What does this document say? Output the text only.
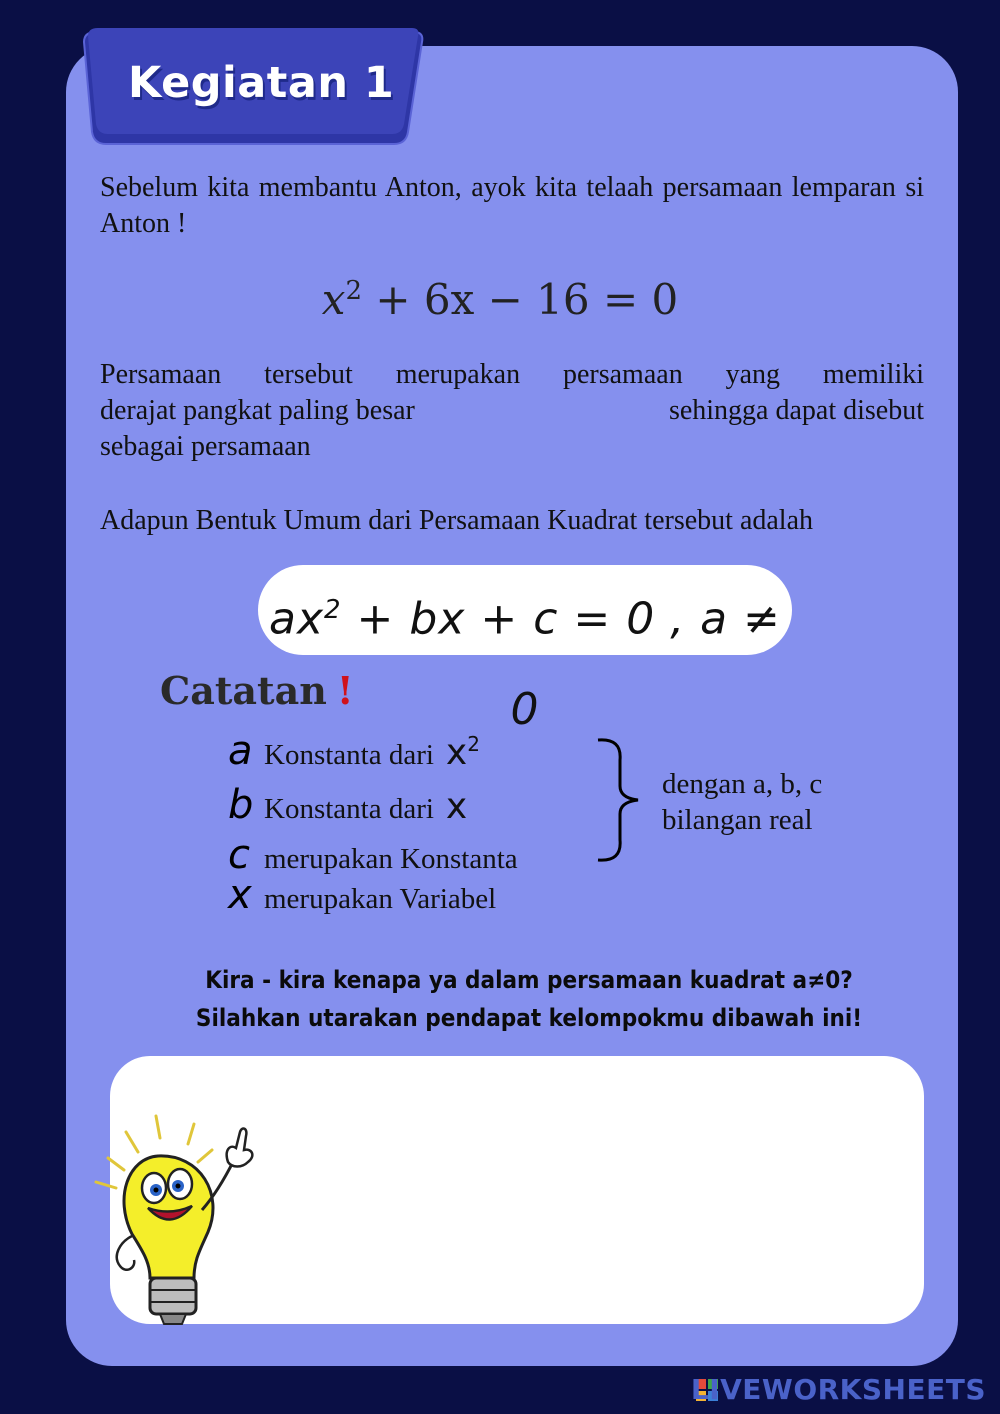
Kegiatan 1
Sebelum kita membantu Anton, ayok kita telaah persamaan lemparan si Anton !
$x^2 + 6x - 16 = 0$
Persamaan tersebut merupakan persamaan yang memiliki
derajat pangkat paling besar	sehingga dapat disebut
sebagai persamaan
Adapun Bentuk Umum dari Persamaan Kuadrat tersebut adalah
$ax^2$ + bx + c = 0 , a ≠ 0
Catatan !
a Konstanta dari $x^2$
b Konstanta dari x
c merupakan Konstanta
x merupakan Variabel
dengan a, b, c
bilangan real
Kira - kira kenapa ya dalam persamaan kuadrat a≠0?
Silahkan utarakan pendapat kelompokmu dibawah ini!
LIVEWORKSHEETS
